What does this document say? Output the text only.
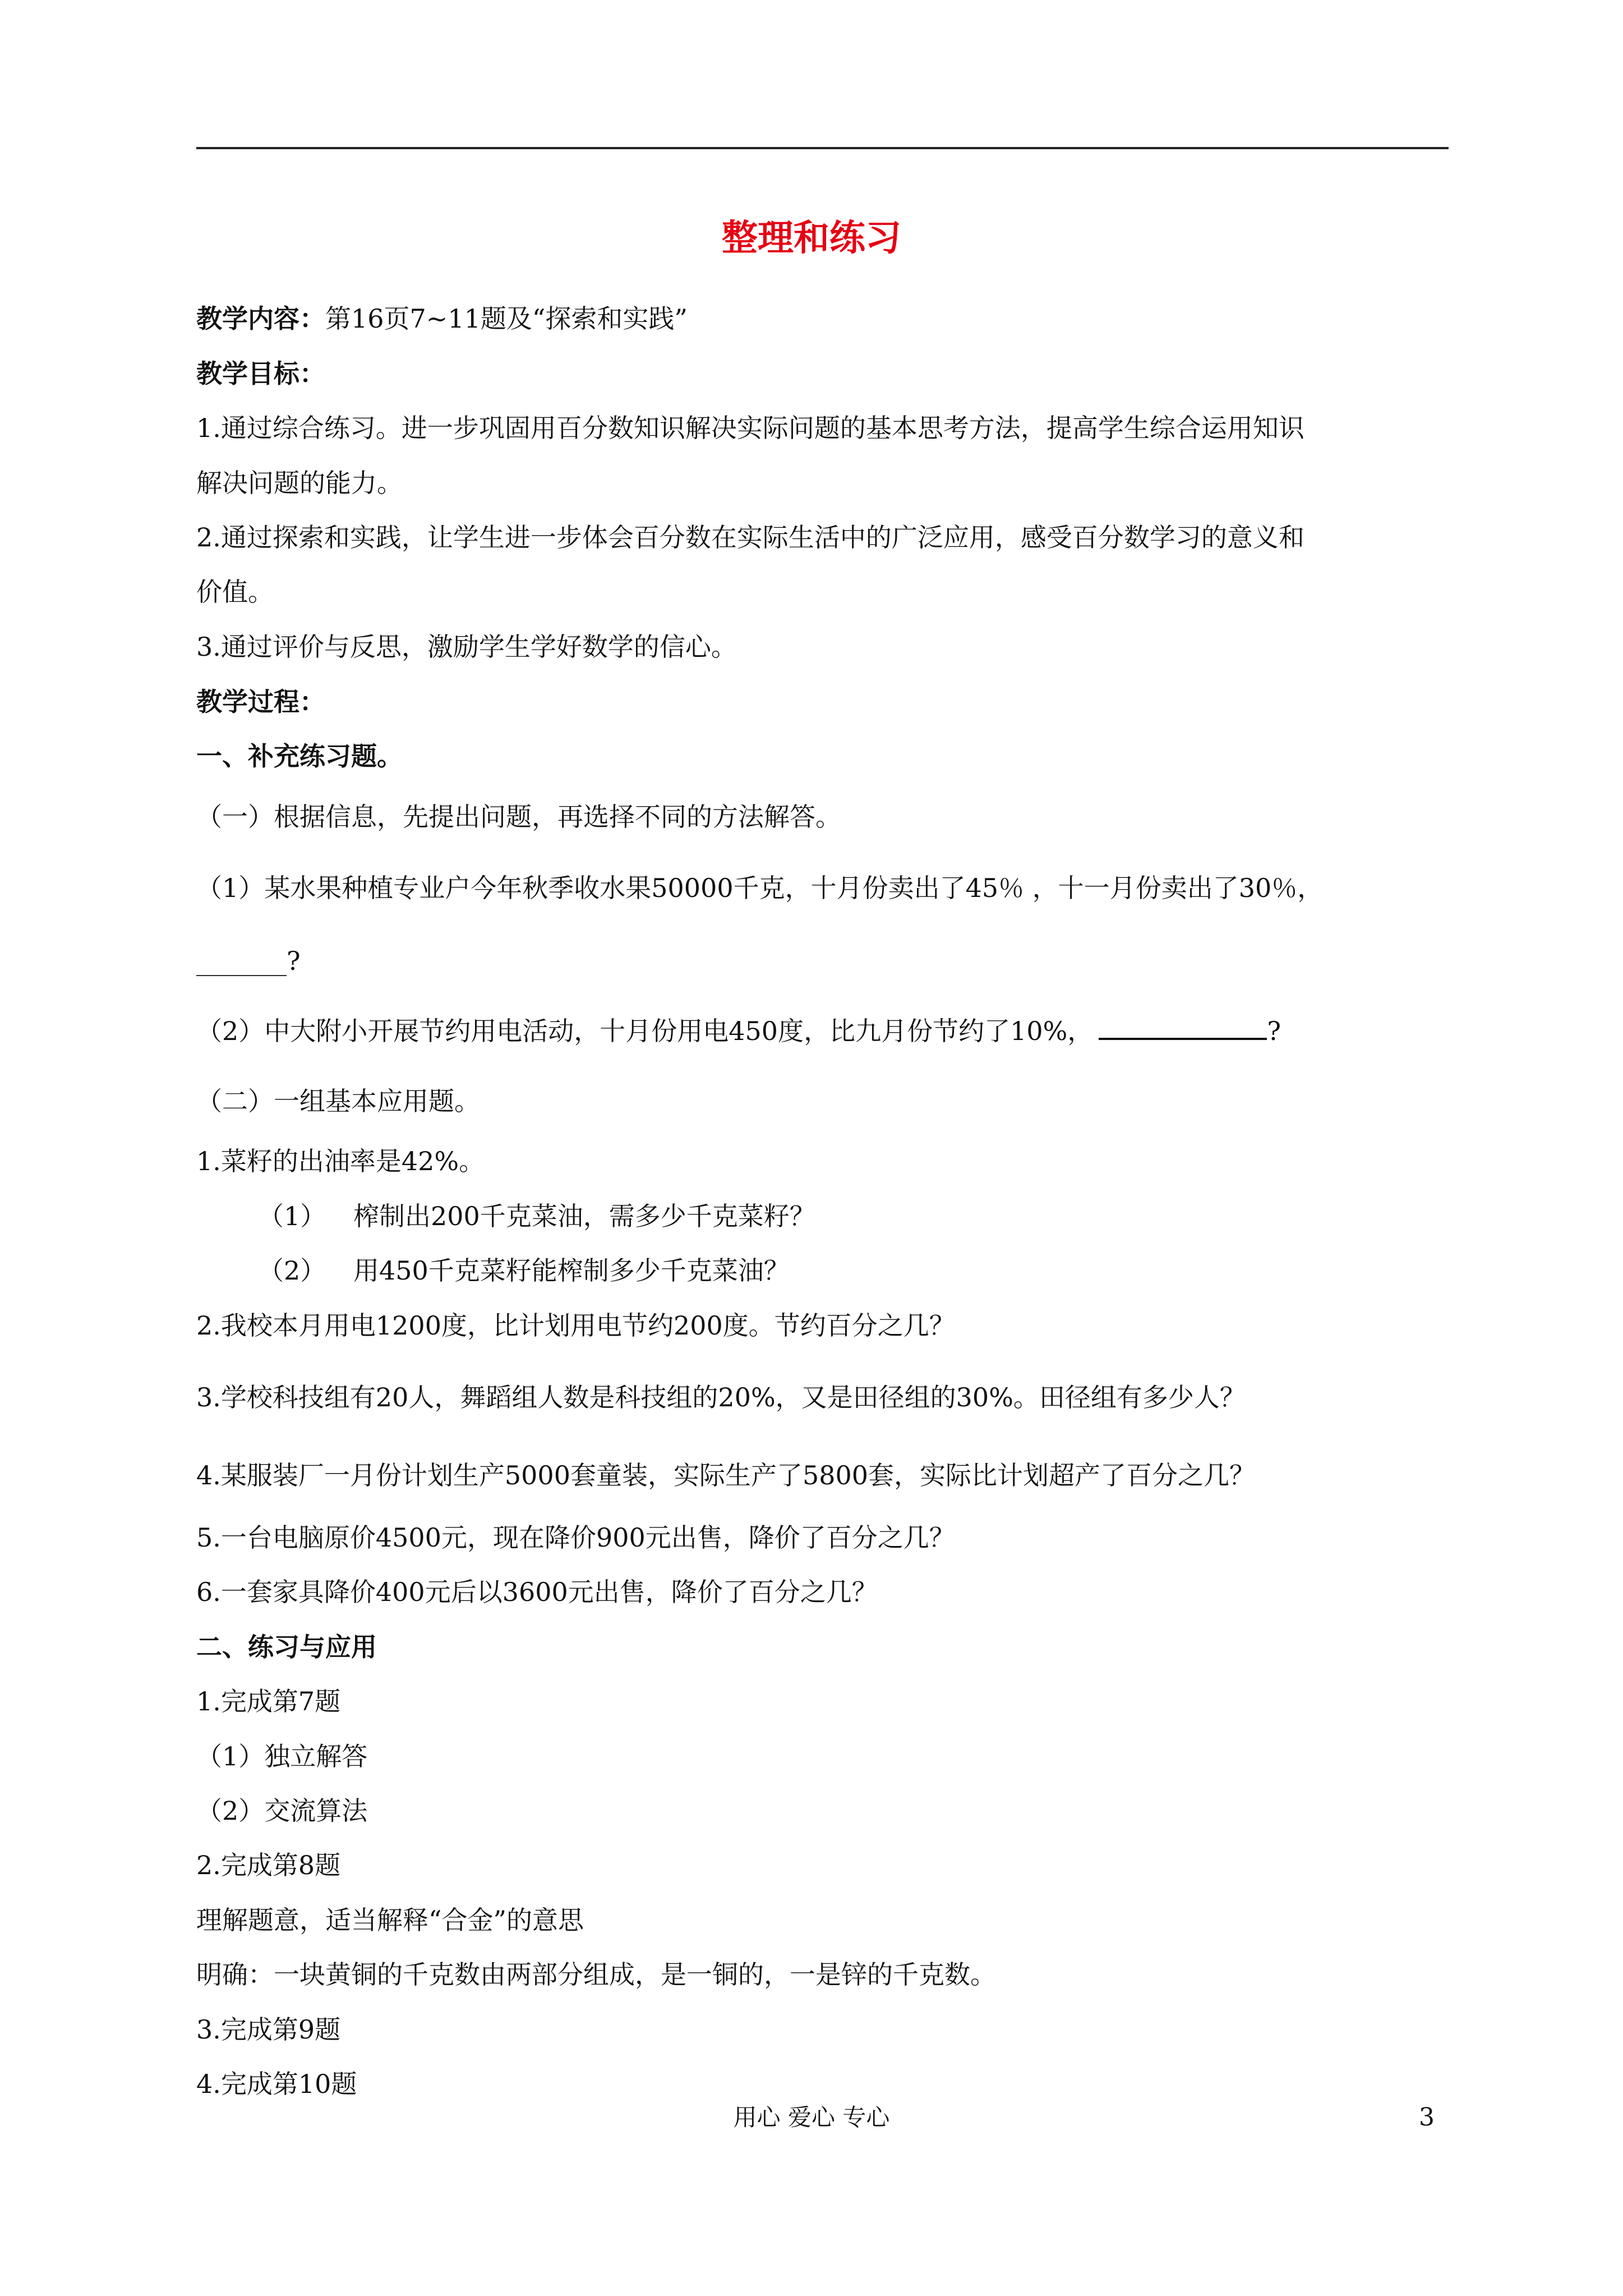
整理和练习
教学内容：第16页7~11题及“探索和实践”
教学目标：
1.通过综合练习。进一步巩固用百分数知识解决实际问题的基本思考方法，提高学生综合运用知识
解决问题的能力。
2.通过探索和实践，让学生进一步体会百分数在实际生活中的广泛应用，感受百分数学习的意义和
价值。
3.通过评价与反思，激励学生学好数学的信心。
教学过程：
一、补充练习题。
（一）根据信息，先提出问题，再选择不同的方法解答。
（1）某水果种植专业户今年秋季收水果50000千克，十月份卖出了45％ ，十一月份卖出了30％，
_______?
（2）中大附小开展节约用电活动，十月份用电450度，比九月份节约了10%，	?
（二）一组基本应用题。
1.菜籽的出油率是42%。
（1） 榨制出200千克菜油，需多少千克菜籽？
（2） 用450千克菜籽能榨制多少千克菜油？
2.我校本月用电1200度，比计划用电节约200度。节约百分之几？
3.学校科技组有20人，舞蹈组人数是科技组的20%，又是田径组的30%。田径组有多少人？
4.某服装厂一月份计划生产5000套童装，实际生产了5800套，实际比计划超产了百分之几？
5.一台电脑原价4500元，现在降价900元出售，降价了百分之几？
6.一套家具降价400元后以3600元出售，降价了百分之几？
二、练习与应用
1.完成第7题
（1）独立解答
（2）交流算法
2.完成第8题
理解题意，适当解释“合金”的意思
明确：一块黄铜的千克数由两部分组成，是一铜的，一是锌的千克数。
3.完成第9题
4.完成第10题
用心 爱心 专心	3
